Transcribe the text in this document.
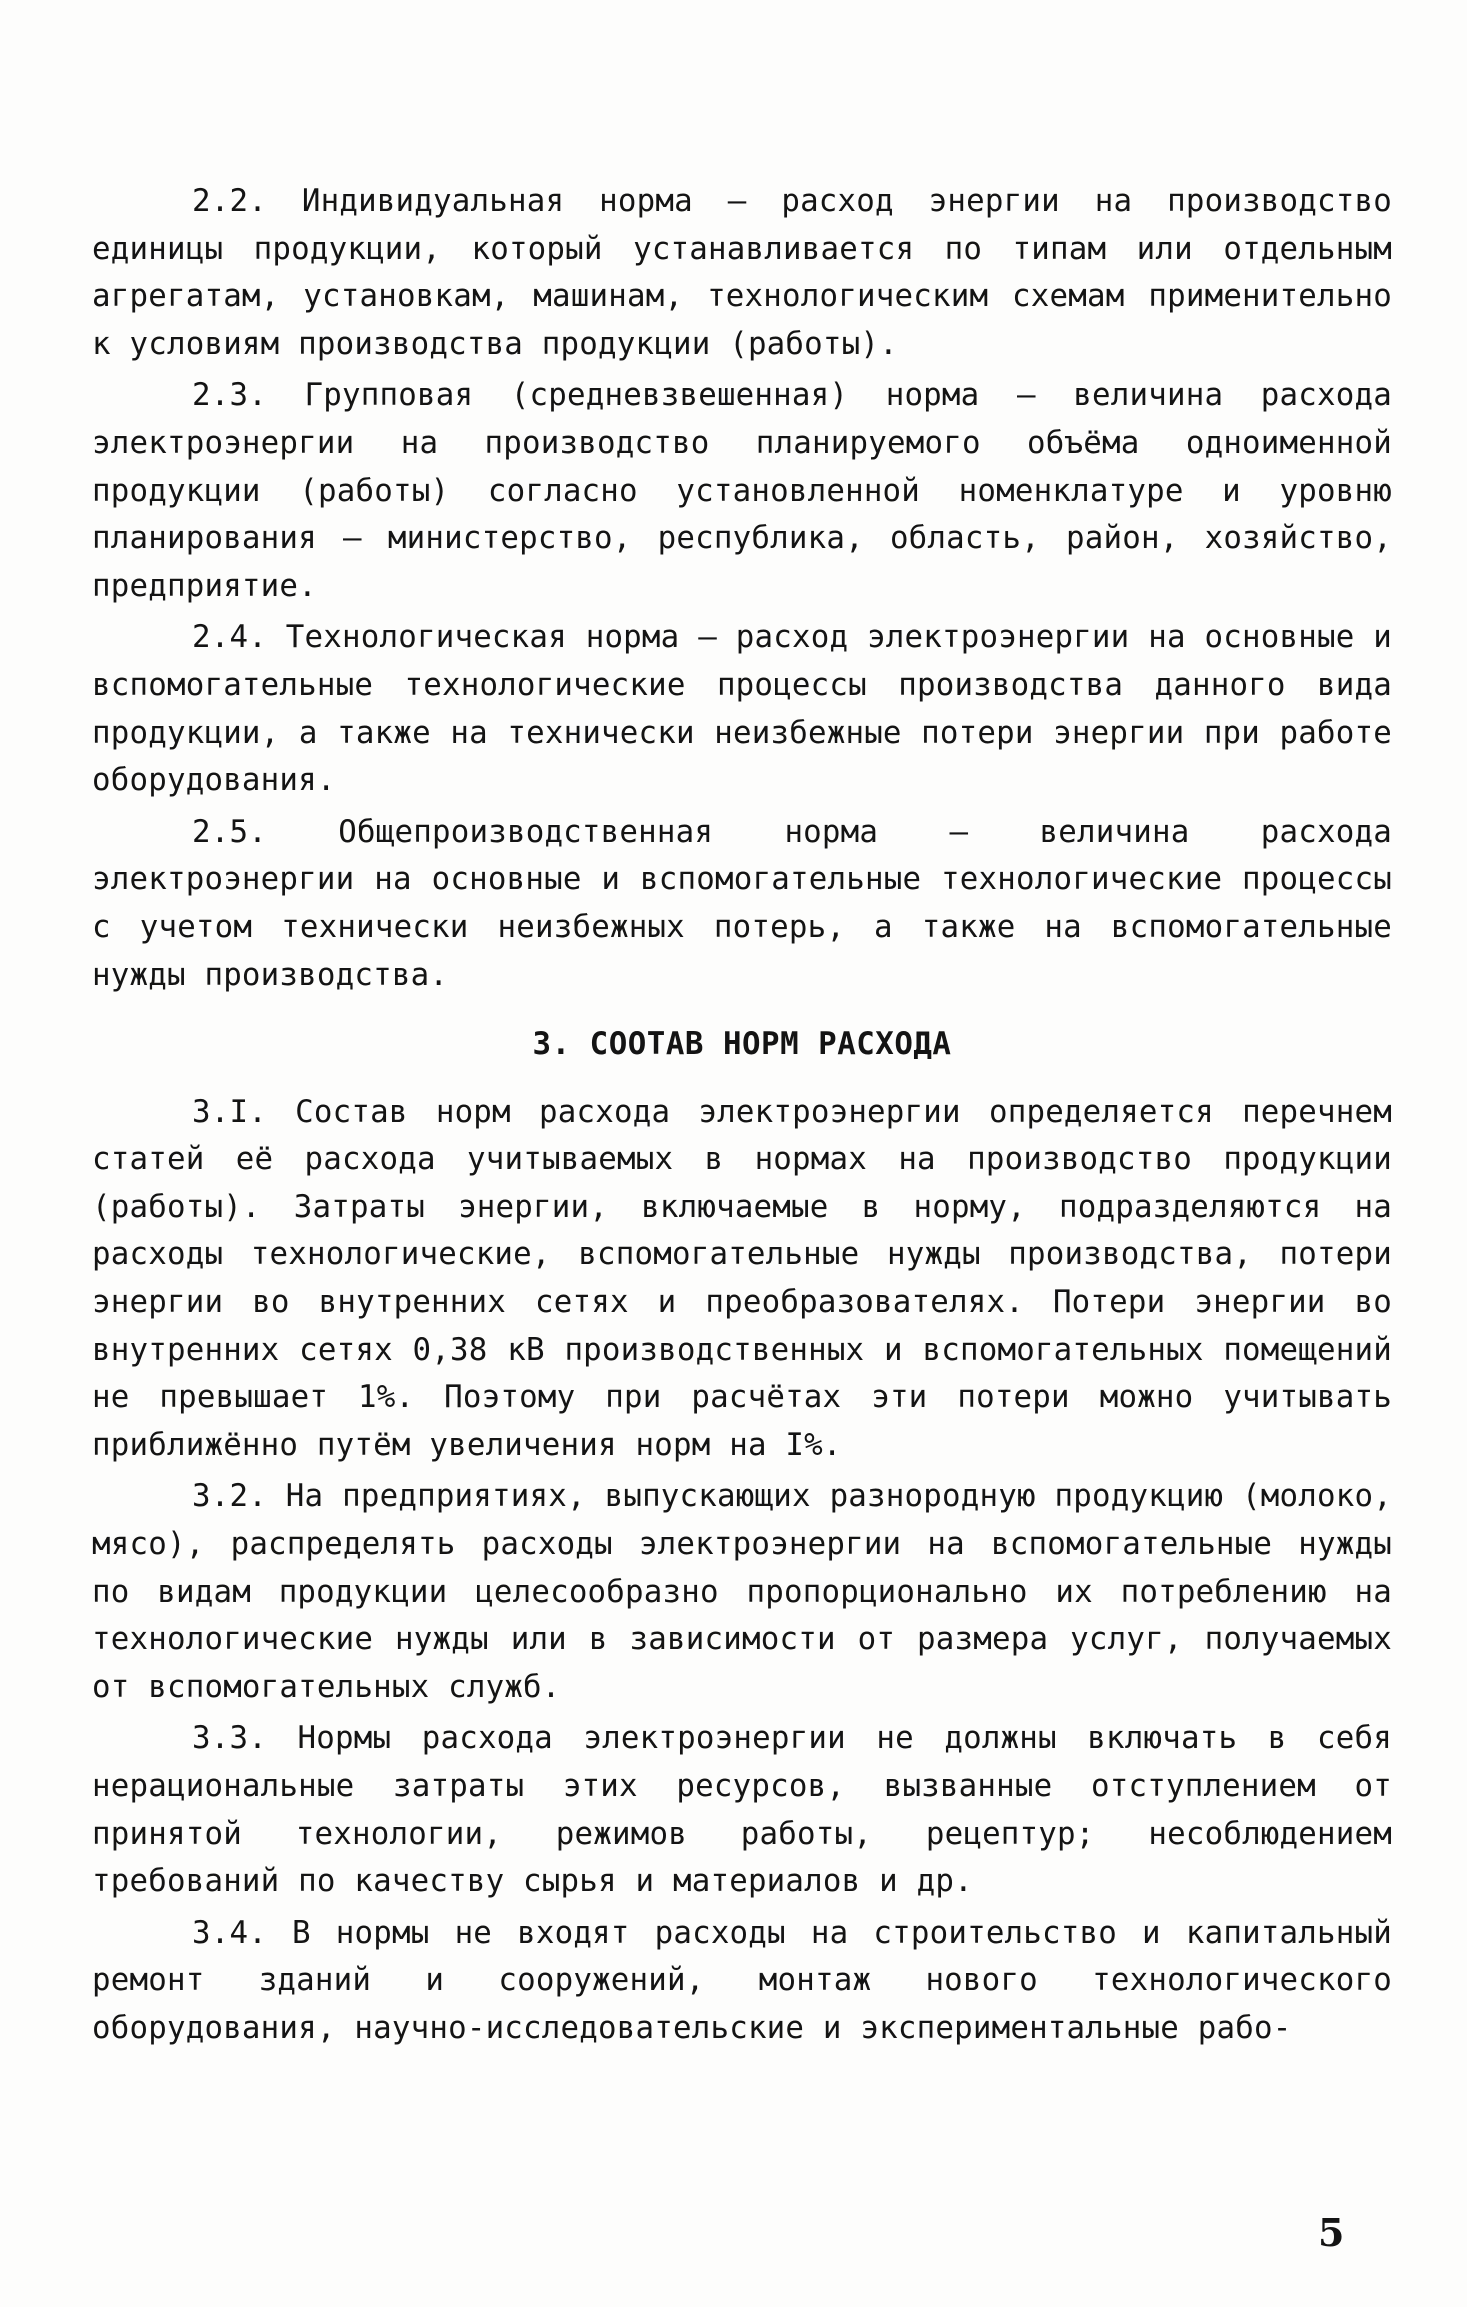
2.2. Индивидуальная норма – расход энергии на производство единицы продукции, который устанавливается по типам или отдельным агрегатам, установкам, машинам, технологическим схемам применительно к условиям производства продукции (работы).

2.3. Групповая (средневзвешенная) норма – величина расхода электроэнергии на производство планируемого объёма одноименной продукции (работы) согласно установленной номенклатуре и уровню планирования – министерство, республика, область, район, хозяйство, предприятие.

2.4. Технологическая норма – расход электроэнергии на основные и вспомогательные технологические процессы производства данного вида продукции, а также на технически неизбежные потери энергии при работе оборудования.

2.5. Общепроизводственная норма – величина расхода электроэнергии на основные и вспомогательные технологические процессы с учетом технически неизбежных потерь, а также на вспомогательные нужды производства.

3. СООТАВ НОРМ РАСХОДА

3.I. Состав норм расхода электроэнергии определяется перечнем статей её расхода учитываемых в нормах на производство продукции (работы). Затраты энергии, включаемые в норму, подразделяются на расходы технологические, вспомогательные нужды производства, потери энергии во внутренних сетях и преобразователях. Потери энергии во внутренних сетях 0,38 кВ производственных и вспомогательных помещений не превышает 1%. Поэтому при расчётах эти потери можно учитывать приближённо путём увеличения норм на I%.

3.2. На предприятиях, выпускающих разнородную продукцию (молоко, мясо), распределять расходы электроэнергии на вспомогательные нужды по видам продукции целесообразно пропорционально их потреблению на технологические нужды или в зависимости от размера услуг, получаемых от вспомогательных служб.

3.3. Нормы расхода электроэнергии не должны включать в себя нерациональные затраты этих ресурсов, вызванные отступлением от принятой технологии, режимов работы, рецептур; несоблюдением требований по качеству сырья и материалов и др.

3.4. В нормы не входят расходы на строительство и капитальный ремонт зданий и сооружений, монтаж нового технологического оборудования, научно-исследовательские и экспериментальные рабо-

5
